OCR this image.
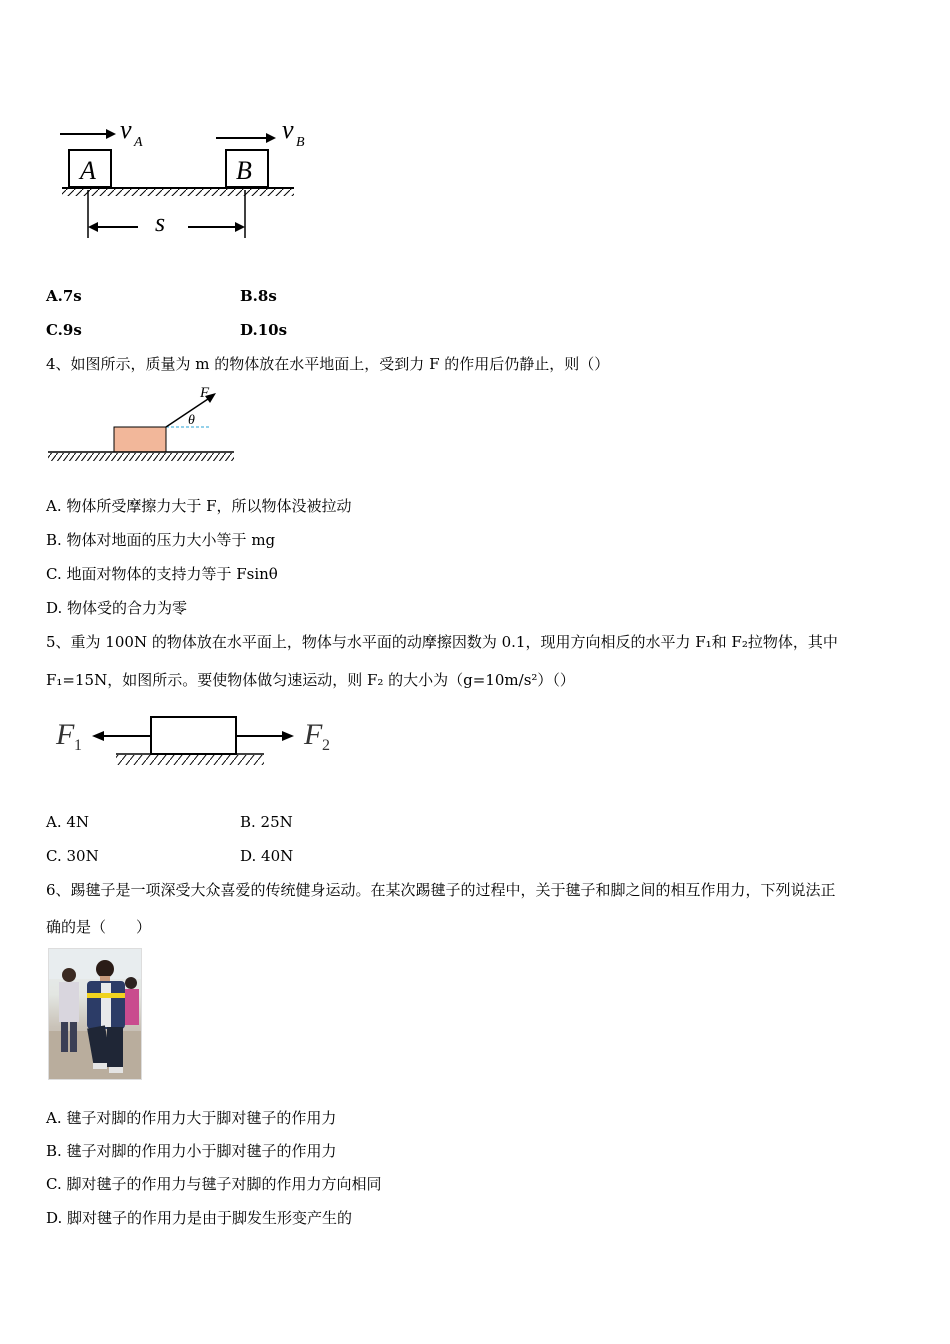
v A	v B
A	B
s
A.7s	B.8s
C.9s	D.10s
4、如图所示，质量为 m 的物体放在水平地面上，受到力 F 的作用后仍静止，则（）
F
θ
A. 物体所受摩擦力大于 F，所以物体没被拉动
B. 物体对地面的压力大小等于 mg
C. 地面对物体的支持力等于 Fsinθ
D. 物体受的合力为零
5、重为 100N 的物体放在水平面上，物体与水平面的动摩擦因数为 0.1，现用方向相反的水平力 F₁和 F₂拉物体，其中
F₁=15N，如图所示。要使物体做匀速运动，则 F₂ 的大小为（g=10m/s²）（）
F 1	F 2
A. 4N	B. 25N
C. 30N	D. 40N
6、踢毽子是一项深受大众喜爱的传统健身运动。在某次踢毽子的过程中，关于毽子和脚之间的相互作用力，下列说法正
确的是（　　）
A. 毽子对脚的作用力大于脚对毽子的作用力
B. 毽子对脚的作用力小于脚对毽子的作用力
C. 脚对毽子的作用力与毽子对脚的作用力方向相同
D. 脚对毽子的作用力是由于脚发生形变产生的
